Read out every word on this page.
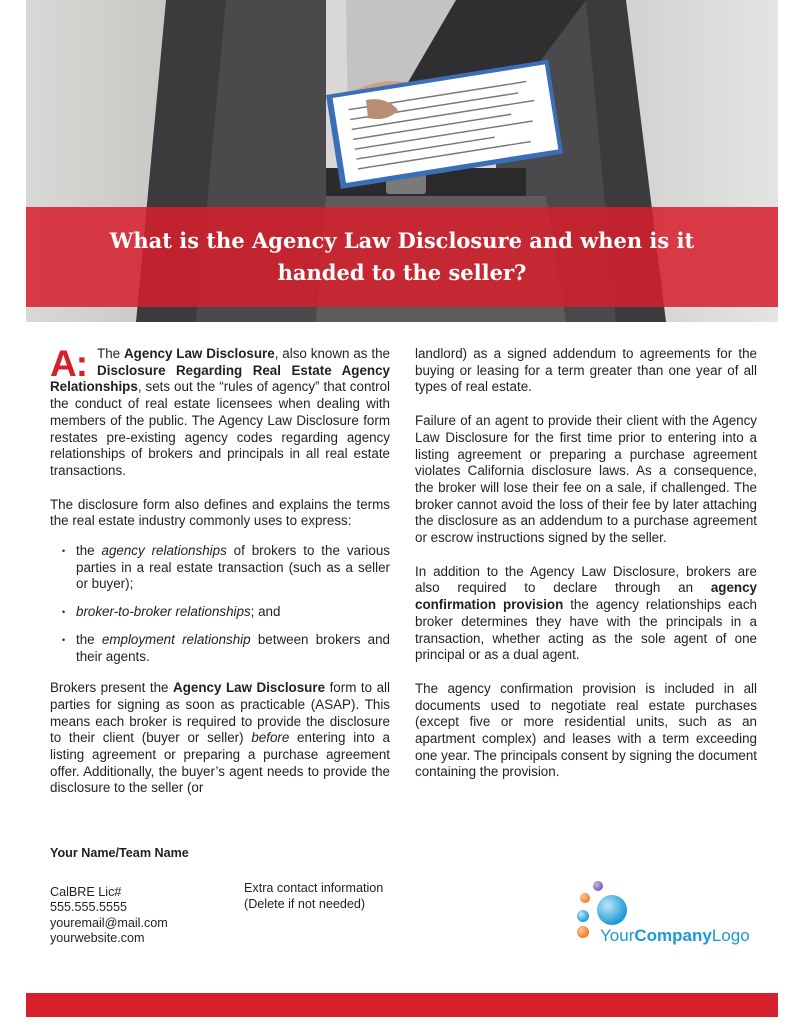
What is the Agency Law Disclosure and when is it handed to the seller?

A: The Agency Law Disclosure, also known as the Disclosure Regarding Real Estate Agency Relationships, sets out the “rules of agency” that control the conduct of real estate licensees when dealing with members of the public. The Agency Law Disclosure form restates pre-existing agency codes regarding agency relationships of brokers and principals in all real estate transactions.

The disclosure form also defines and explains the terms the real estate industry commonly uses to express:

• the agency relationships of brokers to the various parties in a real estate transaction (such as a seller or buyer);
• broker-to-broker relationships; and
• the employment relationship between brokers and their agents.

Brokers present the Agency Law Disclosure form to all parties for signing as soon as practicable (ASAP). This means each broker is required to provide the disclosure to their client (buyer or seller) before entering into a listing agreement or preparing a purchase agreement offer. Additionally, the buyer’s agent needs to provide the disclosure to the seller (or

landlord) as a signed addendum to agreements for the buying or leasing for a term greater than one year of all types of real estate.

Failure of an agent to provide their client with the Agency Law Disclosure for the first time prior to entering into a listing agreement or preparing a purchase agreement violates California disclosure laws. As a consequence, the broker will lose their fee on a sale, if challenged. The broker cannot avoid the loss of their fee by later attaching the disclosure as an addendum to a purchase agreement or escrow instructions signed by the seller.

In addition to the Agency Law Disclosure, brokers are also required to declare through an agency confirmation provision the agency relationships each broker determines they have with the principals in a transaction, whether acting as the sole agent of one principal or as a dual agent.

The agency confirmation provision is included in all documents used to negotiate real estate purchases (except five or more residential units, such as an apartment complex) and leases with a term exceeding one year. The principals consent by signing the document containing the provision.

Your Name/Team Name
CalBRE Lic#
555.555.5555
youremail@mail.com
yourwebsite.com
Extra contact information
(Delete if not needed)
YourCompanyLogo
